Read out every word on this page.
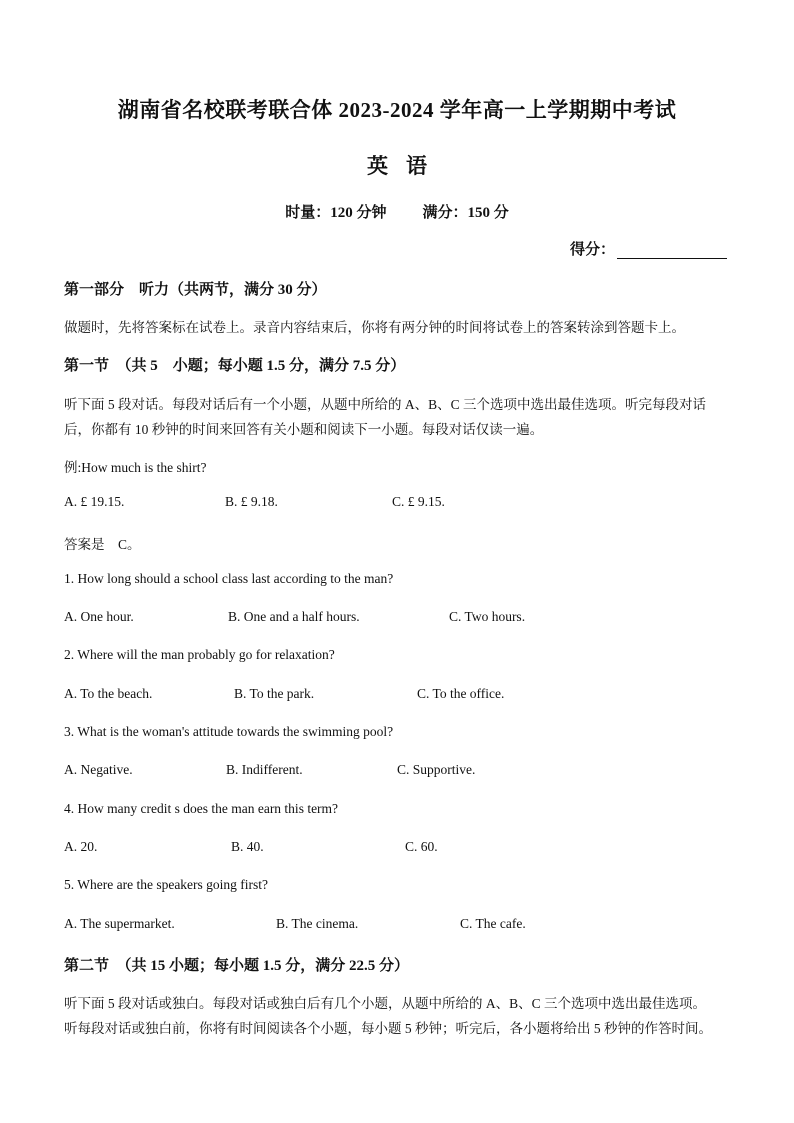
湖南省名校联考联合体 2023-2024 学年高一上学期期中考试
英语
时量：120 分钟 满分：150 分
得分：
第一部分　听力（共两节，满分 30 分）
做题时，先将答案标在试卷上。录音内容结束后，你将有两分钟的时间将试卷上的答案转涂到答题卡上。
第一节　（共 5　小题；每小题 1.5 分，满分 7.5 分）
听下面 5 段对话。每段对话后有一个小题，从题中所给的 A、B、C 三个选项中选出最佳选项。听完每段对话
后，你都有 10 秒钟的时间来回答有关小题和阅读下一小题。每段对话仅读一遍。
例:How much is the shirt?
A. £ 19.15.	B. £ 9.18.	C. £ 9.15.
答案是　C。
1. How long should a school class last according to the man?
A. One hour.	B. One and a half hours.	C. Two hours.
2. Where will the man probably go for relaxation?
A. To the beach.	B. To the park.	C. To the office.
3. What is the woman's attitude towards the swimming pool?
A. Negative.	B. Indifferent.	C. Supportive.
4. How many credit s does the man earn this term?
A. 20.	B. 40.	C. 60.
5. Where are the speakers going first?
A. The supermarket.	B. The cinema.	C. The cafe.
第二节　（共 15 小题；每小题 1.5 分，满分 22.5 分）
听下面 5 段对话或独白。每段对话或独白后有几个小题，从题中所给的 A、B、C 三个选项中选出最佳选项。
听每段对话或独白前，你将有时间阅读各个小题，每小题 5 秒钟；听完后，各小题将给出 5 秒钟的作答时间。
